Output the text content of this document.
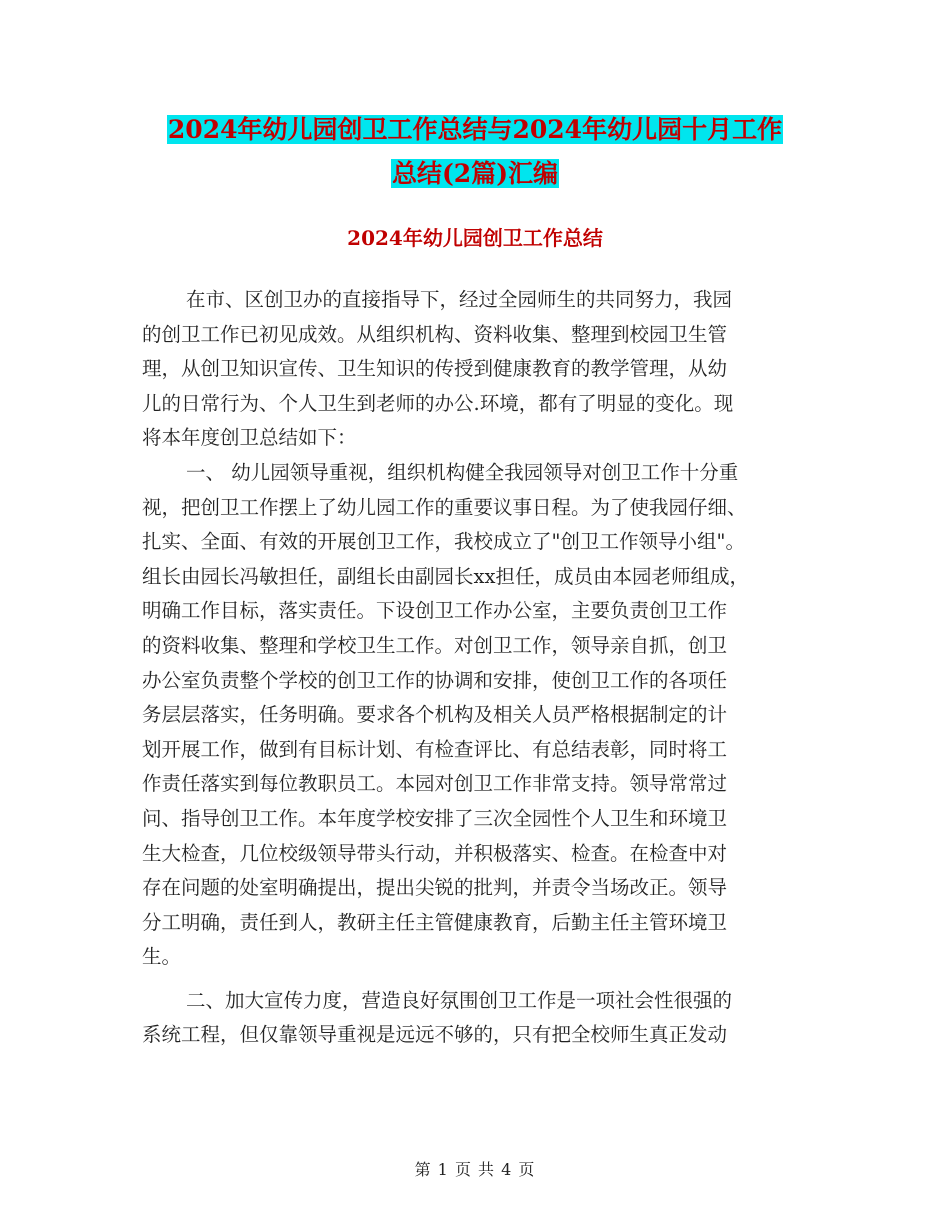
2024年幼儿园创卫工作总结与2024年幼儿园十月工作
总结(2篇)汇编
2024年幼儿园创卫工作总结
在市、区创卫办的直接指导下，经过全园师生的共同努力，我园
的创卫工作已初见成效。从组织机构、资料收集、整理到校园卫生管
理，从创卫知识宣传、卫生知识的传授到健康教育的教学管理，从幼
儿的日常行为、个人卫生到老师的办公.环境，都有了明显的变化。现
将本年度创卫总结如下：
一、 幼儿园领导重视，组织机构健全我园领导对创卫工作十分重
视，把创卫工作摆上了幼儿园工作的重要议事日程。为了使我园仔细、
扎实、全面、有效的开展创卫工作，我校成立了"创卫工作领导小组"。
组长由园长冯敏担任，副组长由副园长xx担任，成员由本园老师组成，
明确工作目标，落实责任。下设创卫工作办公室，主要负责创卫工作
的资料收集、整理和学校卫生工作。对创卫工作，领导亲自抓，创卫
办公室负责整个学校的创卫工作的协调和安排，使创卫工作的各项任
务层层落实，任务明确。要求各个机构及相关人员严格根据制定的计
划开展工作，做到有目标计划、有检查评比、有总结表彰，同时将工
作责任落实到每位教职员工。本园对创卫工作非常支持。领导常常过
问、指导创卫工作。本年度学校安排了三次全园性个人卫生和环境卫
生大检查，几位校级领导带头行动，并积极落实、检查。在检查中对
存在问题的处室明确提出，提出尖锐的批判，并责令当场改正。领导
分工明确，责任到人，教研主任主管健康教育，后勤主任主管环境卫
生。
二、加大宣传力度，营造良好氛围创卫工作是一项社会性很强的
系统工程，但仅靠领导重视是远远不够的，只有把全校师生真正发动
第 1 页 共 4 页
